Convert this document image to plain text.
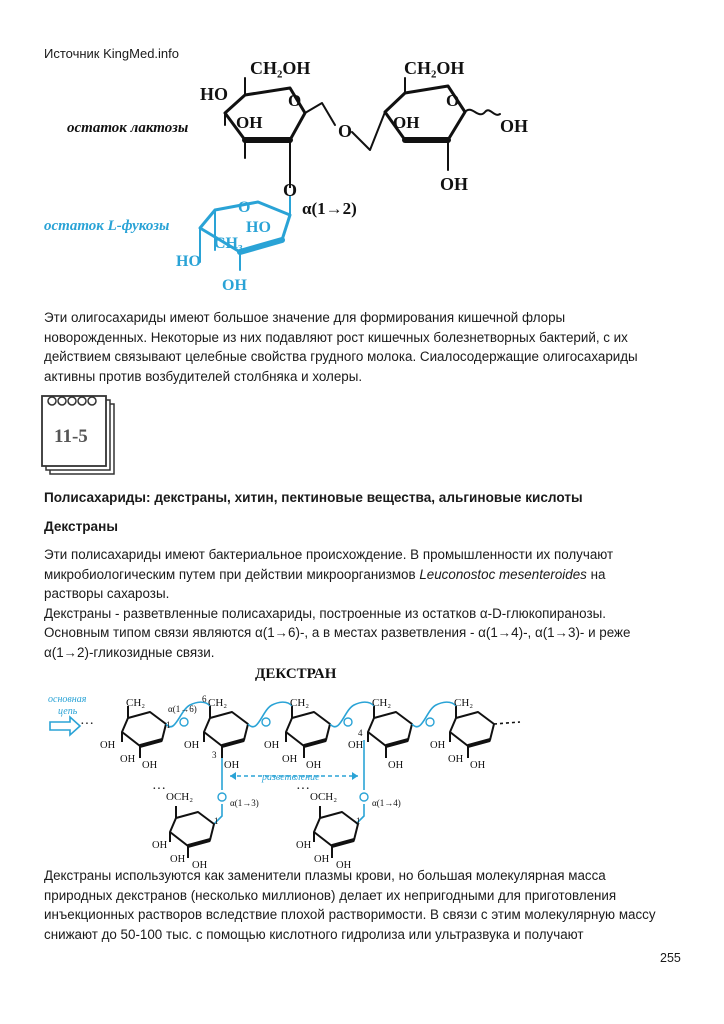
Источник KingMed.info
CH₂OH	CH₂OH
HO
OH	OH	OH
OH
O	O
O
O
α(1→2)
остаток лактозы
остаток L-фукозы
O
HO
CH₃
HO
OH

Эти олигосахариды имеют большое значение для формирования кишечной флоры

новорожденных. Некоторые из них подавляют рост кишечных болезнетворных бактерий, с их

действием связывают целебные свойства грудного молока. Сиалосодержащие олигосахариды

активны против возбудителей столбняка и холеры.

11-5
Полисахариды: декстраны, хитин, пектиновые вещества, альгиновые кислоты
Декстраны

Эти полисахариды имеют бактериальное происхождение. В промышленности их получают

микробиологическим путем при действии микроорганизмов Leuconostoc mesenteroides на

растворы сахарозы.

Декстраны - разветвленные полисахариды, построенные из остатков α-D-глюкопиранозы.

Основным типом связи являются α(1→6)-, а в местах разветвления - α(1→4)-, α(1→3)- и реже

α(1→2)-гликозидные связи.

ДЕКСТРАН
основная
цепь
···
разветвление
CH₂	CH₂	CH₂	CH₂	CH₂
α(1→6)
6
1
3
4
OH
OH
OH
OH
OH
OH
OH
OH
OH
OH
OH
OH
OH
··· OCH₂	α(1→3)
1
··· OCH₂	α(1→4)
1
OH
OH
OH
OH
OH
OH

Декстраны используются как заменители плазмы крови, но большая молекулярная масса

природных декстранов (несколько миллионов) делает их непригодными для приготовления

инъекционных растворов вследствие плохой растворимости. В связи с этим молекулярную массу

снижают до 50-100 тыс. с помощью кислотного гидролиза или ультразвука и получают

255
